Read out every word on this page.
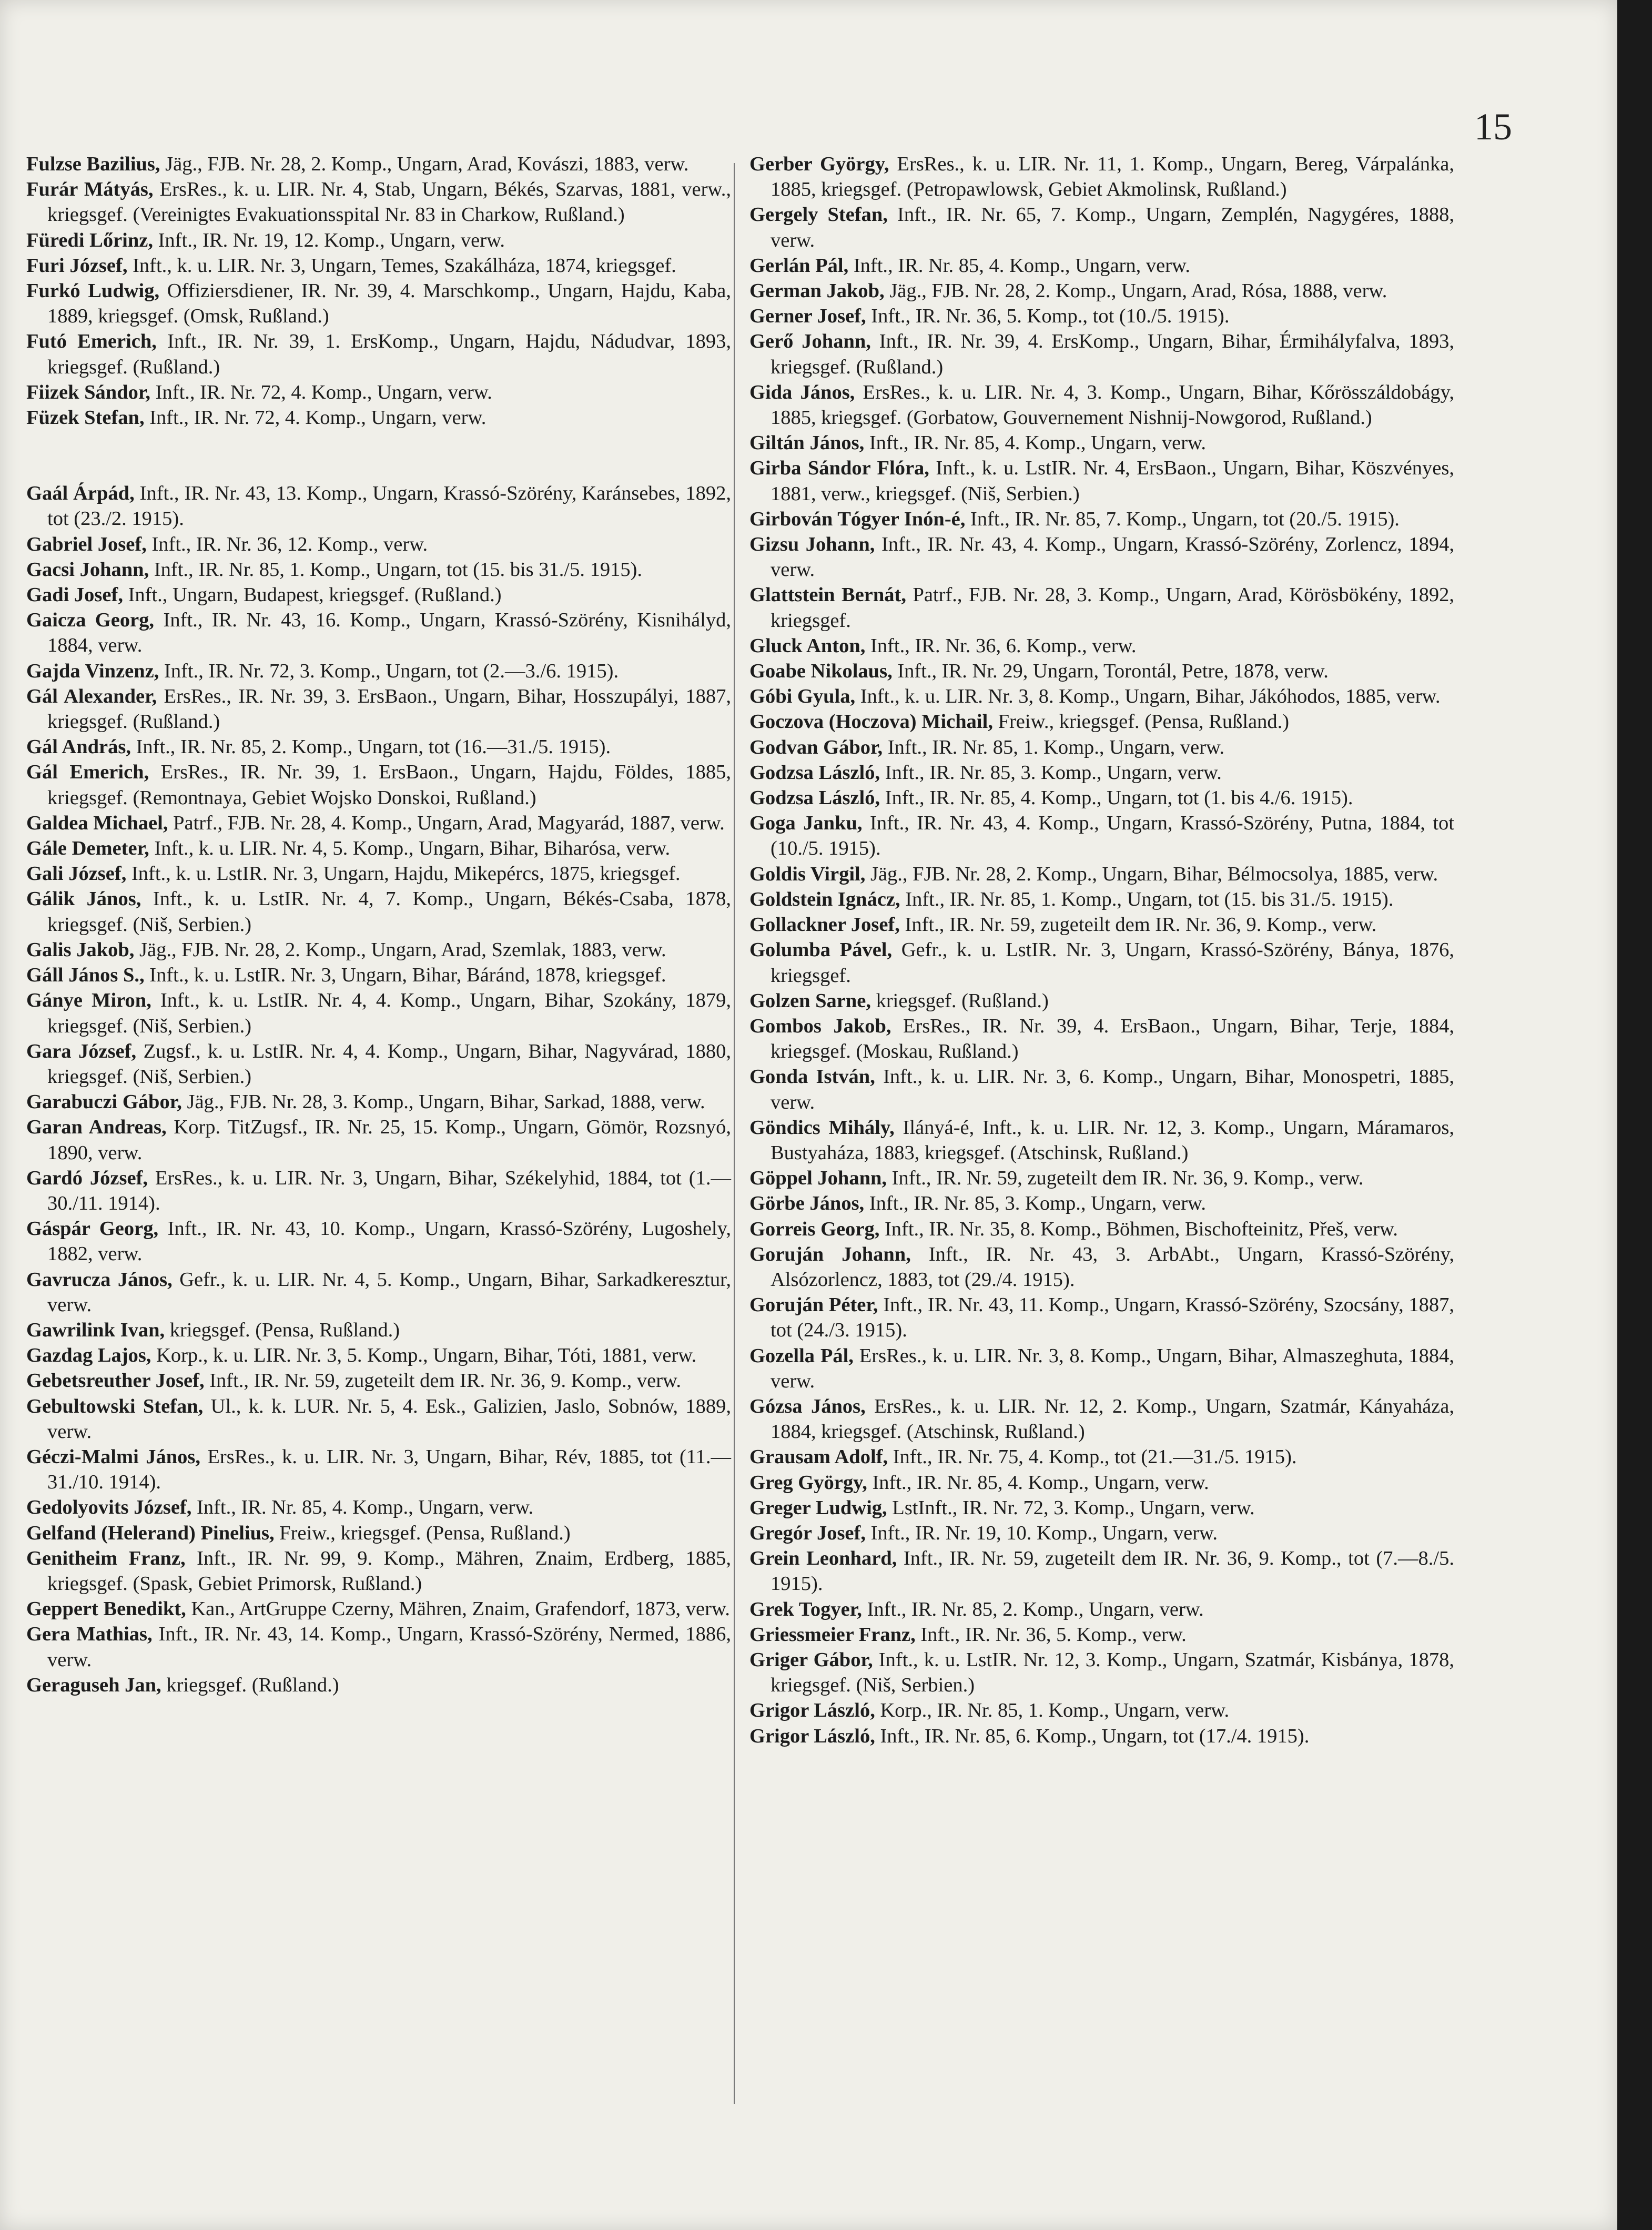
15

Fulzse Bazilius, Jäg., FJB. Nr. 28, 2. Komp., Ungarn, Arad, Kovászi, 1883, verw.

Furár Mátyás, ErsRes., k. u. LIR. Nr. 4, Stab, Ungarn, Békés, Szarvas, 1881, verw., kriegsgef. (Vereinigtes Evakuationsspital Nr. 83 in Charkow, Rußland.)

Füredi Lőrinz, Inft., IR. Nr. 19, 12. Komp., Ungarn, verw.

Furi József, Inft., k. u. LIR. Nr. 3, Ungarn, Temes, Szakálháza, 1874, kriegsgef.

Furkó Ludwig, Offiziersdiener, IR. Nr. 39, 4. Marschkomp., Ungarn, Hajdu, Kaba, 1889, kriegsgef. (Omsk, Rußland.)

Futó Emerich, Inft., IR. Nr. 39, 1. ErsKomp., Ungarn, Hajdu, Nádudvar, 1893, kriegsgef. (Rußland.)

Fiizek Sándor, Inft., IR. Nr. 72, 4. Komp., Ungarn, verw.

Füzek Stefan, Inft., IR. Nr. 72, 4. Komp., Ungarn, verw.

Gaál Árpád, Inft., IR. Nr. 43, 13. Komp., Ungarn, Krassó-Szörény, Karánsebes, 1892, tot (23./2. 1915).

Gabriel Josef, Inft., IR. Nr. 36, 12. Komp., verw.

Gacsi Johann, Inft., IR. Nr. 85, 1. Komp., Ungarn, tot (15. bis 31./5. 1915).

Gadi Josef, Inft., Ungarn, Budapest, kriegsgef. (Rußland.)

Gaicza Georg, Inft., IR. Nr. 43, 16. Komp., Ungarn, Krassó-Szörény, Kisnihályd, 1884, verw.

Gajda Vinzenz, Inft., IR. Nr. 72, 3. Komp., Ungarn, tot (2.—3./6. 1915).

Gál Alexander, ErsRes., IR. Nr. 39, 3. ErsBaon., Ungarn, Bihar, Hosszupályi, 1887, kriegsgef. (Rußland.)

Gál András, Inft., IR. Nr. 85, 2. Komp., Ungarn, tot (16.—31./5. 1915).

Gál Emerich, ErsRes., IR. Nr. 39, 1. ErsBaon., Ungarn, Hajdu, Földes, 1885, kriegsgef. (Remontnaya, Gebiet Wojsko Donskoi, Rußland.)

Galdea Michael, Patrf., FJB. Nr. 28, 4. Komp., Ungarn, Arad, Magyarád, 1887, verw.

Gále Demeter, Inft., k. u. LIR. Nr. 4, 5. Komp., Ungarn, Bihar, Biharósa, verw.

Gali József, Inft., k. u. LstIR. Nr. 3, Ungarn, Hajdu, Mikepércs, 1875, kriegsgef.

Gálik János, Inft., k. u. LstIR. Nr. 4, 7. Komp., Ungarn, Békés-Csaba, 1878, kriegsgef. (Niš, Serbien.)

Galis Jakob, Jäg., FJB. Nr. 28, 2. Komp., Ungarn, Arad, Szemlak, 1883, verw.

Gáll János S., Inft., k. u. LstIR. Nr. 3, Ungarn, Bihar, Báránd, 1878, kriegsgef.

Gánye Miron, Inft., k. u. LstIR. Nr. 4, 4. Komp., Ungarn, Bihar, Szokány, 1879, kriegsgef. (Niš, Serbien.)

Gara József, Zugsf., k. u. LstIR. Nr. 4, 4. Komp., Ungarn, Bihar, Nagyvárad, 1880, kriegsgef. (Niš, Serbien.)

Garabuczi Gábor, Jäg., FJB. Nr. 28, 3. Komp., Ungarn, Bihar, Sarkad, 1888, verw.

Garan Andreas, Korp. TitZugsf., IR. Nr. 25, 15. Komp., Ungarn, Gömör, Rozsnyó, 1890, verw.

Gardó József, ErsRes., k. u. LIR. Nr. 3, Ungarn, Bihar, Székelyhid, 1884, tot (1.—30./11. 1914).

Gáspár Georg, Inft., IR. Nr. 43, 10. Komp., Ungarn, Krassó-Szörény, Lugoshely, 1882, verw.

Gavrucza János, Gefr., k. u. LIR. Nr. 4, 5. Komp., Ungarn, Bihar, Sarkadkeresztur, verw.

Gawrilink Ivan, kriegsgef. (Pensa, Rußland.)

Gazdag Lajos, Korp., k. u. LIR. Nr. 3, 5. Komp., Ungarn, Bihar, Tóti, 1881, verw.

Gebetsreuther Josef, Inft., IR. Nr. 59, zugeteilt dem IR. Nr. 36, 9. Komp., verw.

Gebultowski Stefan, Ul., k. k. LUR. Nr. 5, 4. Esk., Galizien, Jaslo, Sobnów, 1889, verw.

Géczi-Malmi János, ErsRes., k. u. LIR. Nr. 3, Ungarn, Bihar, Rév, 1885, tot (11.—31./10. 1914).

Gedolyovits József, Inft., IR. Nr. 85, 4. Komp., Ungarn, verw.

Gelfand (Helerand) Pinelius, Freiw., kriegsgef. (Pensa, Rußland.)

Genitheim Franz, Inft., IR. Nr. 99, 9. Komp., Mähren, Znaim, Erdberg, 1885, kriegsgef. (Spask, Gebiet Primorsk, Rußland.)

Geppert Benedikt, Kan., ArtGruppe Czerny, Mähren, Znaim, Grafendorf, 1873, verw.

Gera Mathias, Inft., IR. Nr. 43, 14. Komp., Ungarn, Krassó-Szörény, Nermed, 1886, verw.

Geraguseh Jan, kriegsgef. (Rußland.)

Gerber György, ErsRes., k. u. LIR. Nr. 11, 1. Komp., Ungarn, Bereg, Várpalánka, 1885, kriegsgef. (Petropawlowsk, Gebiet Akmolinsk, Rußland.)

Gergely Stefan, Inft., IR. Nr. 65, 7. Komp., Ungarn, Zemplén, Nagygéres, 1888, verw.

Gerlán Pál, Inft., IR. Nr. 85, 4. Komp., Ungarn, verw.

German Jakob, Jäg., FJB. Nr. 28, 2. Komp., Ungarn, Arad, Rósa, 1888, verw.

Gerner Josef, Inft., IR. Nr. 36, 5. Komp., tot (10./5. 1915).

Gerő Johann, Inft., IR. Nr. 39, 4. ErsKomp., Ungarn, Bihar, Érmihályfalva, 1893, kriegsgef. (Rußland.)

Gida János, ErsRes., k. u. LIR. Nr. 4, 3. Komp., Ungarn, Bihar, Kőrösszáldobágy, 1885, kriegsgef. (Gorbatow, Gouvernement Nishnij-Nowgorod, Rußland.)

Giltán János, Inft., IR. Nr. 85, 4. Komp., Ungarn, verw.

Girba Sándor Flóra, Inft., k. u. LstIR. Nr. 4, ErsBaon., Ungarn, Bihar, Köszvényes, 1881, verw., kriegsgef. (Niš, Serbien.)

Girbován Tógyer Inón-é, Inft., IR. Nr. 85, 7. Komp., Ungarn, tot (20./5. 1915).

Gizsu Johann, Inft., IR. Nr. 43, 4. Komp., Ungarn, Krassó-Szörény, Zorlencz, 1894, verw.

Glattstein Bernát, Patrf., FJB. Nr. 28, 3. Komp., Ungarn, Arad, Körösbökény, 1892, kriegsgef.

Gluck Anton, Inft., IR. Nr. 36, 6. Komp., verw.

Goabe Nikolaus, Inft., IR. Nr. 29, Ungarn, Torontál, Petre, 1878, verw.

Góbi Gyula, Inft., k. u. LIR. Nr. 3, 8. Komp., Ungarn, Bihar, Jákóhodos, 1885, verw.

Goczova (Hoczova) Michail, Freiw., kriegsgef. (Pensa, Rußland.)

Godvan Gábor, Inft., IR. Nr. 85, 1. Komp., Ungarn, verw.

Godzsa László, Inft., IR. Nr. 85, 3. Komp., Ungarn, verw.

Godzsa László, Inft., IR. Nr. 85, 4. Komp., Ungarn, tot (1. bis 4./6. 1915).

Goga Janku, Inft., IR. Nr. 43, 4. Komp., Ungarn, Krassó-Szörény, Putna, 1884, tot (10./5. 1915).

Goldis Virgil, Jäg., FJB. Nr. 28, 2. Komp., Ungarn, Bihar, Bélmocsolya, 1885, verw.

Goldstein Ignácz, Inft., IR. Nr. 85, 1. Komp., Ungarn, tot (15. bis 31./5. 1915).

Gollackner Josef, Inft., IR. Nr. 59, zugeteilt dem IR. Nr. 36, 9. Komp., verw.

Golumba Pável, Gefr., k. u. LstIR. Nr. 3, Ungarn, Krassó-Szörény, Bánya, 1876, kriegsgef.

Golzen Sarne, kriegsgef. (Rußland.)

Gombos Jakob, ErsRes., IR. Nr. 39, 4. ErsBaon., Ungarn, Bihar, Terje, 1884, kriegsgef. (Moskau, Rußland.)

Gonda István, Inft., k. u. LIR. Nr. 3, 6. Komp., Ungarn, Bihar, Monospetri, 1885, verw.

Göndics Mihály, Ilányá-é, Inft., k. u. LIR. Nr. 12, 3. Komp., Ungarn, Máramaros, Bustyaháza, 1883, kriegsgef. (Atschinsk, Rußland.)

Göppel Johann, Inft., IR. Nr. 59, zugeteilt dem IR. Nr. 36, 9. Komp., verw.

Görbe János, Inft., IR. Nr. 85, 3. Komp., Ungarn, verw.

Gorreis Georg, Inft., IR. Nr. 35, 8. Komp., Böhmen, Bischofteinitz, Přeš, verw.

Goruján Johann, Inft., IR. Nr. 43, 3. ArbAbt., Ungarn, Krassó-Szörény, Alsózorlencz, 1883, tot (29./4. 1915).

Goruján Péter, Inft., IR. Nr. 43, 11. Komp., Ungarn, Krassó-Szörény, Szocsány, 1887, tot (24./3. 1915).

Gozella Pál, ErsRes., k. u. LIR. Nr. 3, 8. Komp., Ungarn, Bihar, Almaszeghuta, 1884, verw.

Gózsa János, ErsRes., k. u. LIR. Nr. 12, 2. Komp., Ungarn, Szatmár, Kányaháza, 1884, kriegsgef. (Atschinsk, Rußland.)

Grausam Adolf, Inft., IR. Nr. 75, 4. Komp., tot (21.—31./5. 1915).

Greg György, Inft., IR. Nr. 85, 4. Komp., Ungarn, verw.

Greger Ludwig, LstInft., IR. Nr. 72, 3. Komp., Ungarn, verw.

Gregór Josef, Inft., IR. Nr. 19, 10. Komp., Ungarn, verw.

Grein Leonhard, Inft., IR. Nr. 59, zugeteilt dem IR. Nr. 36, 9. Komp., tot (7.—8./5. 1915).

Grek Togyer, Inft., IR. Nr. 85, 2. Komp., Ungarn, verw.

Griessmeier Franz, Inft., IR. Nr. 36, 5. Komp., verw.

Griger Gábor, Inft., k. u. LstIR. Nr. 12, 3. Komp., Ungarn, Szatmár, Kisbánya, 1878, kriegsgef. (Niš, Serbien.)

Grigor László, Korp., IR. Nr. 85, 1. Komp., Ungarn, verw.

Grigor László, Inft., IR. Nr. 85, 6. Komp., Ungarn, tot (17./4. 1915).
